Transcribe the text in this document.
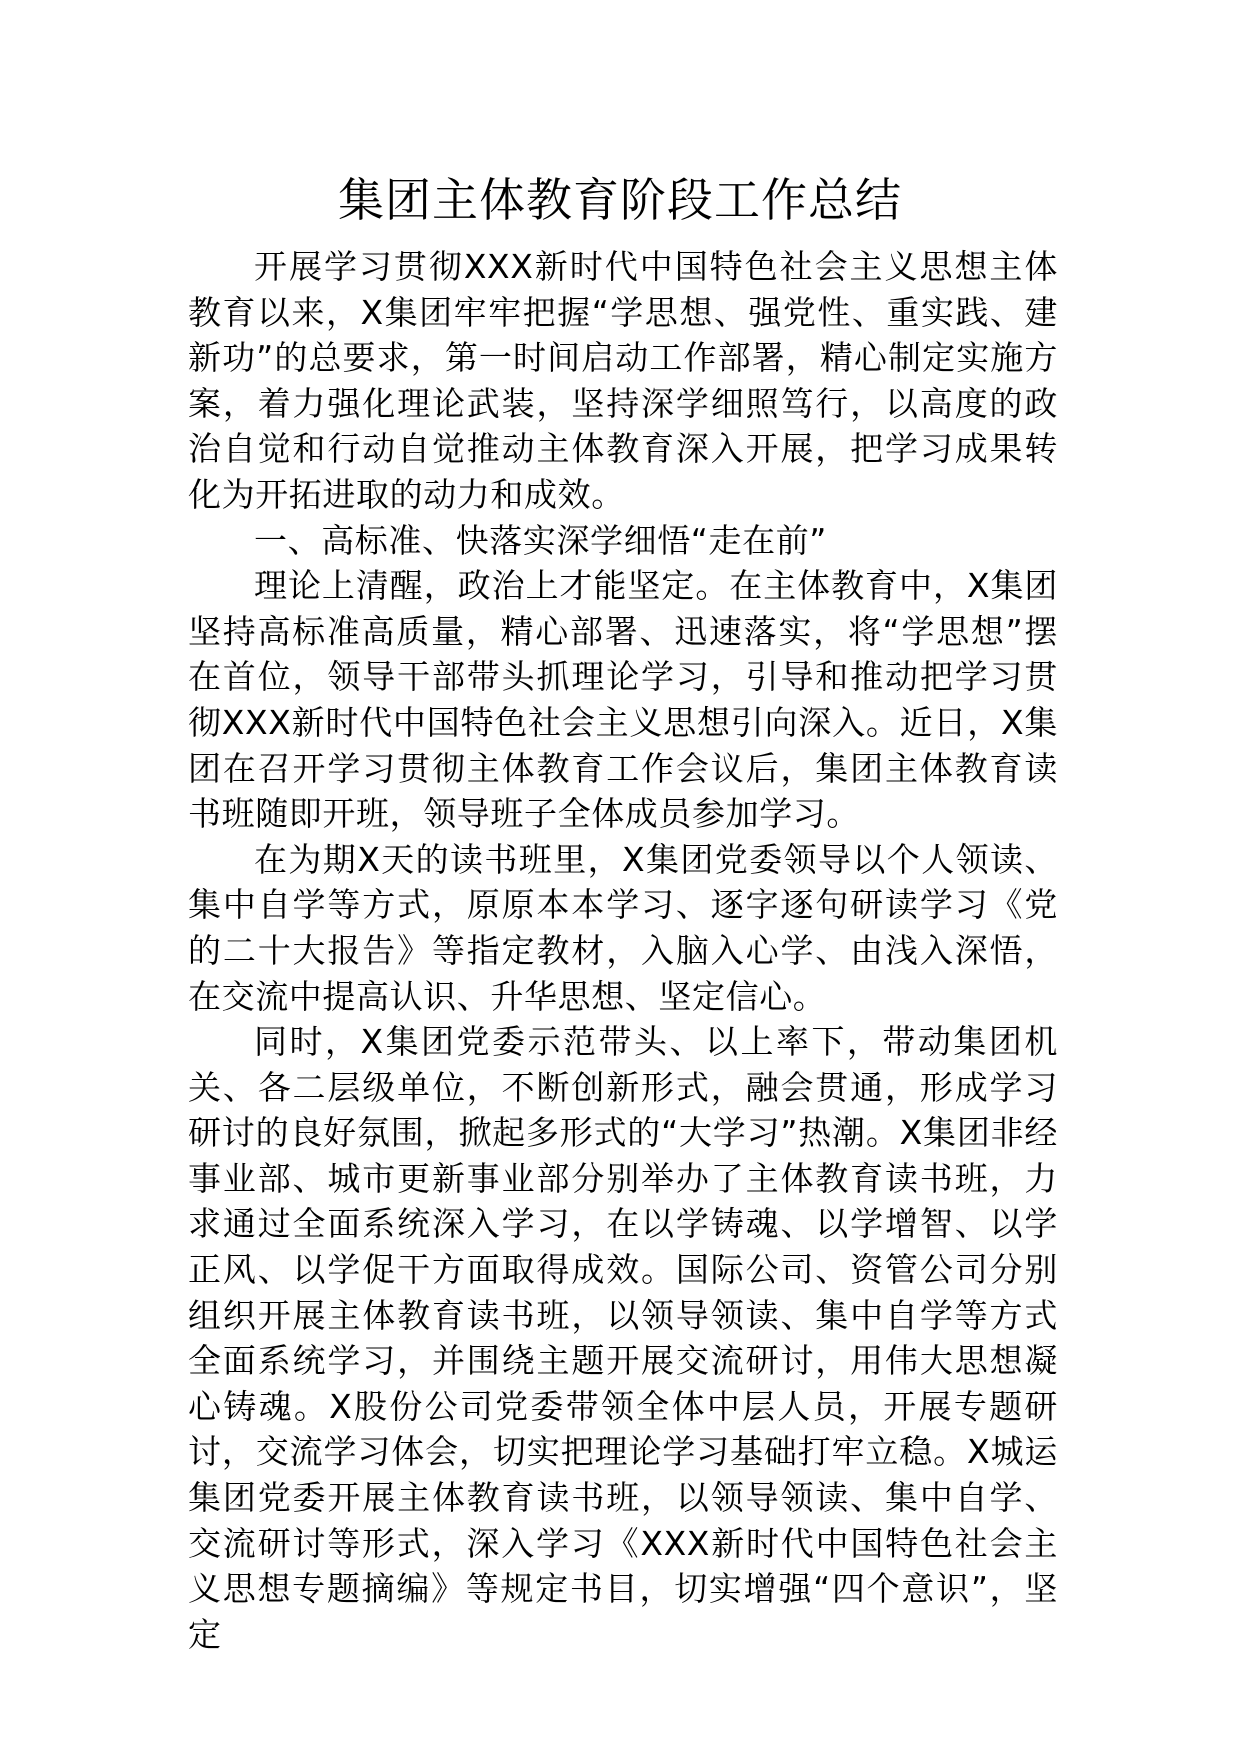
集团主体教育阶段工作总结

开展学习贯彻XXX新时代中国特色社会主义思想主体教育以来，X集团牢牢把握“学思想、强党性、重实践、建新功”的总要求，第一时间启动工作部署，精心制定实施方案，着力强化理论武装，坚持深学细照笃行，以高度的政治自觉和行动自觉推动主体教育深入开展，把学习成果转化为开拓进取的动力和成效。

一、高标准、快落实深学细悟“走在前”

理论上清醒，政治上才能坚定。在主体教育中，X集团坚持高标准高质量，精心部署、迅速落实，将“学思想”摆在首位，领导干部带头抓理论学习，引导和推动把学习贯彻XXX新时代中国特色社会主义思想引向深入。近日，X集团在召开学习贯彻主体教育工作会议后，集团主体教育读书班随即开班，领导班子全体成员参加学习。

在为期X天的读书班里，X集团党委领导以个人领读、集中自学等方式，原原本本学习、逐字逐句研读学习《党的二十大报告》等指定教材，入脑入心学、由浅入深悟，在交流中提高认识、升华思想、坚定信心。

同时，X集团党委示范带头、以上率下，带动集团机关、各二层级单位，不断创新形式，融会贯通，形成学习研讨的良好氛围，掀起多形式的“大学习”热潮。X集团非经事业部、城市更新事业部分别举办了主体教育读书班，力求通过全面系统深入学习，在以学铸魂、以学增智、以学正风、以学促干方面取得成效。国际公司、资管公司分别组织开展主体教育读书班，以领导领读、集中自学等方式全面系统学习，并围绕主题开展交流研讨，用伟大思想凝心铸魂。X股份公司党委带领全体中层人员，开展专题研讨，交流学习体会，切实把理论学习基础打牢立稳。X城运集团党委开展主体教育读书班，以领导领读、集中自学、交流研讨等形式，深入学习《XXX新时代中国特色社会主义思想专题摘编》等规定书目，切实增强“四个意识”，坚定
